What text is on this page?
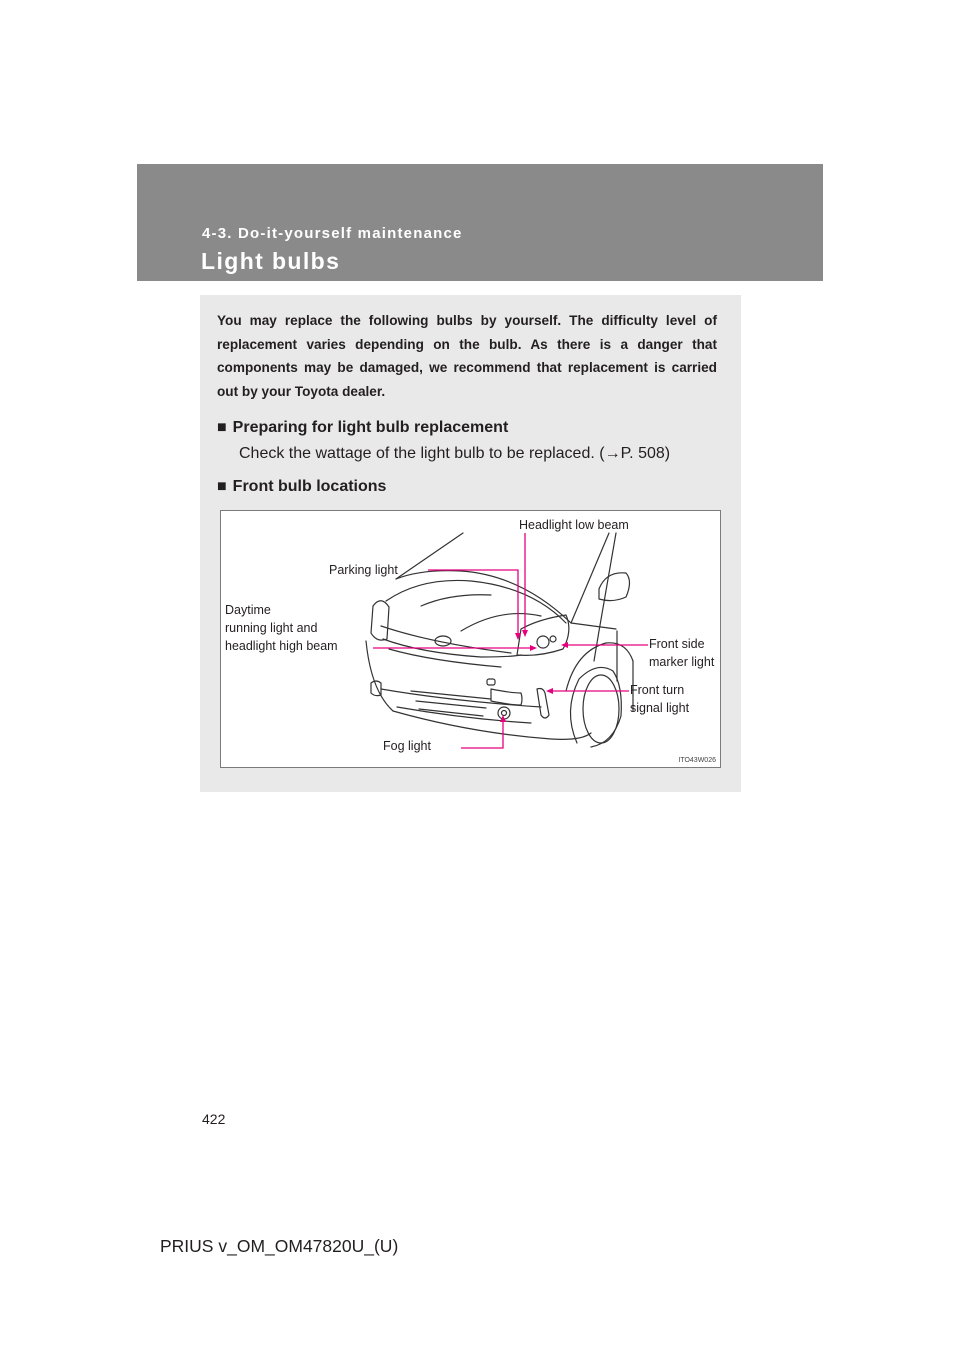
4-3. Do-it-yourself maintenance
Light bulbs
You may replace the following bulbs by yourself. The difficulty level of replacement varies depending on the bulb. As there is a danger that components may be damaged, we recommend that replacement is carried out by your Toyota dealer.
■ Preparing for light bulb replacement
Check the wattage of the light bulb to be replaced. (→P. 508)
■ Front bulb locations
Headlight low beam
Parking light
Daytime
running light and
headlight high beam	Front side
marker light
Front turn
signal light
Fog light
ITO43W026
422
PRIUS v_OM_OM47820U_(U)
